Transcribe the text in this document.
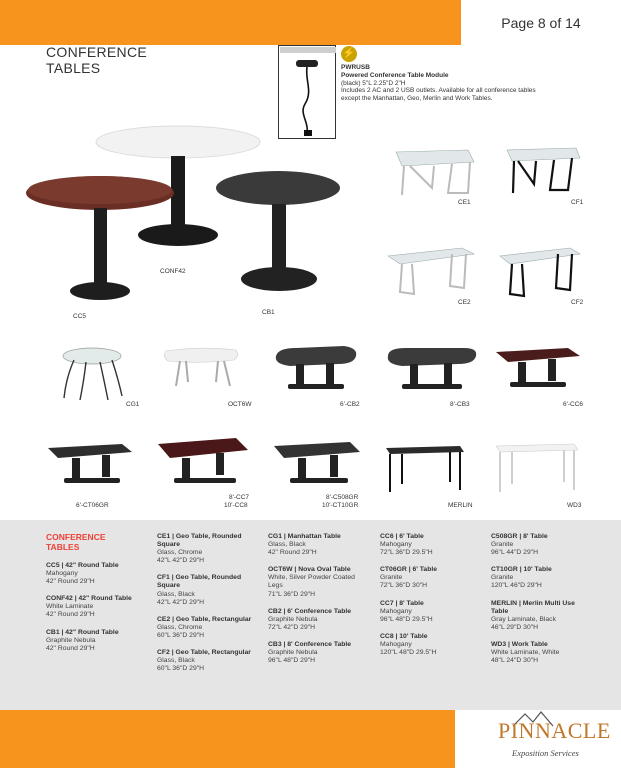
Page 8 of 14
CONFERENCE
TABLES
⚡
PWRUSB
Powered Conference Table Module
(black) 5"L 2.25"D 2"H
Includes 2 AC and 2 USB outlets. Available for all conference tables except the Manhattan, Geo, Merlin and Work Tables.
CONF42
CC5
CB1
CE1	CF1
CE2	CF2
CG1	OCT6W	6'-CB2	8'-CB3	6'-CC6
6'-CT06GR
8'-CC7
10'-CC8
8'-C508GR
10'-CT10GR	MERLIN	WD3
CONFERENCE
TABLES
CC5 | 42" Round Table
Mahogany
42" Round 29"H
CONF42 | 42" Round Table
White Laminate
42" Round 29"H
CB1 | 42" Round Table
Graphite Nebula
42" Round 29"H
CE1 | Geo Table, Rounded Square
Glass, Chrome
42"L 42"D 29"H
CF1 | Geo Table, Rounded Square
Glass, Black
42"L 42"D 29"H
CE2 | Geo Table, Rectangular
Glass, Chrome
60"L 36"D 29"H
CF2 | Geo Table, Rectangular
Glass, Black
60"L 36"D 29"H
CG1 | Manhattan Table
Glass, Black
42" Round 29"H
OCT6W | Nova Oval Table
White, Silver Powder Coated Legs
71"L 36"D 29"H
CB2 | 6' Conference Table
Graphite Nebula
72"L 42"D 29"H
CB3 | 8' Conference Table
Graphite Nebula
96"L 48"D 29"H
CC6 | 6' Table
Mahogany
72"L 36"D 29.5"H
CT06GR | 6' Table
Granite
72"L 36"D 30"H
CC7 | 8' Table
Mahogany
96"L 48"D 29.5"H
CC8 | 10' Table
Mahogany
120"L 48"D 29.5"H
C508GR | 8' Table
Granite
96"L 44"D 29"H
CT10GR | 10' Table
Granite
120"L 46"D 29"H
MERLIN | Merlin Multi Use Table
Gray Laminate, Black
46"L 29"D 30"H
WD3 | Work Table
White Laminate, White
48"L 24"D 30"H
PINNACLE
Exposition Services
